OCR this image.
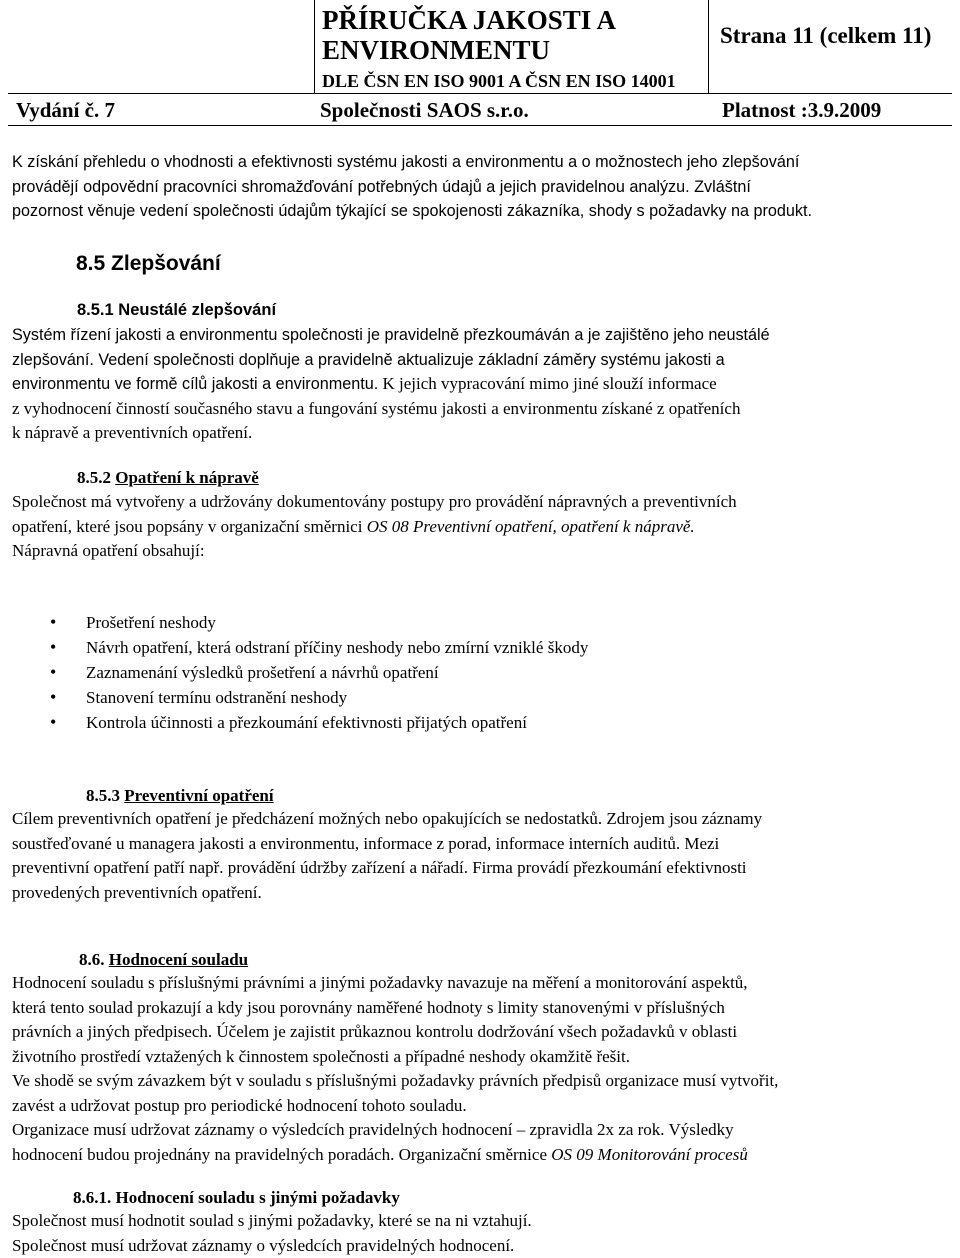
PŘÍRUČKA JAKOSTI A
ENVIRONMENTU
DLE ČSN EN ISO 9001 A ČSN EN ISO 14001
Strana 11 (celkem 11)
Vydání č. 7	Společnosti SAOS s.r.o.	Platnost :3.9.2009
K získání přehledu o vhodnosti a efektivnosti systému jakosti a environmentu a o možnostech jeho zlepšování
provádějí odpovědní pracovníci shromažďování potřebných údajů a jejich pravidelnou analýzu. Zvláštní
pozornost věnuje vedení společnosti údajům týkající se spokojenosti zákazníka, shody s požadavky na produkt.
8.5 Zlepšování
8.5.1 Neustálé zlepšování
Systém řízení jakosti a environmentu společnosti je pravidelně přezkoumáván a je zajištěno jeho neustálé
zlepšování. Vedení společnosti doplňuje a pravidelně aktualizuje základní záměry systému jakosti a
environmentu ve formě cílů jakosti a environmentu. K jejich vypracování mimo jiné slouží informace
z vyhodnocení činností současného stavu a fungování systému jakosti a environmentu získané z opatřeních
k nápravě a preventivních opatření.
8.5.2 Opatření k nápravě
Společnost má vytvořeny a udržovány dokumentovány postupy pro provádění nápravných a preventivních
opatření, které jsou popsány v organizační směrnici OS 08 Preventivní opatření, opatření k nápravě.
Nápravná opatření obsahují:
• Prošetření neshody
• Návrh opatření, která odstraní příčiny neshody nebo zmírní vzniklé škody
• Zaznamenání výsledků prošetření a návrhů opatření
• Stanovení termínu odstranění neshody
• Kontrola účinnosti a přezkoumání efektivnosti přijatých opatření
8.5.3 Preventivní opatření
Cílem preventivních opatření je předcházení možných nebo opakujících se nedostatků. Zdrojem jsou záznamy
soustřeďované u managera jakosti a environmentu, informace z porad, informace interních auditů. Mezi
preventivní opatření patří např. provádění údržby zařízení a nářadí. Firma provádí přezkoumání efektivnosti
provedených preventivních opatření.
8.6. Hodnocení souladu
Hodnocení souladu s příslušnými právními a jinými požadavky navazuje na měření a monitorování aspektů,
která tento soulad prokazují a kdy jsou porovnány naměřené hodnoty s limity stanovenými v příslušných
právních a jiných předpisech. Účelem je zajistit průkaznou kontrolu dodržování všech požadavků v oblasti
životního prostředí vztažených k činnostem společnosti a případné neshody okamžitě řešit.
Ve shodě se svým závazkem být v souladu s příslušnými požadavky právních předpisů organizace musí vytvořit,
zavést a udržovat postup pro periodické hodnocení tohoto souladu.
Organizace musí udržovat záznamy o výsledcích pravidelných hodnocení – zpravidla 2x za rok. Výsledky
hodnocení budou projednány na pravidelných poradách. Organizační směrnice OS 09 Monitorování procesů
8.6.1. Hodnocení souladu s jinými požadavky
Společnost musí hodnotit soulad s jinými požadavky, které se na ni vztahují.
Společnost musí udržovat záznamy o výsledcích pravidelných hodnocení.
